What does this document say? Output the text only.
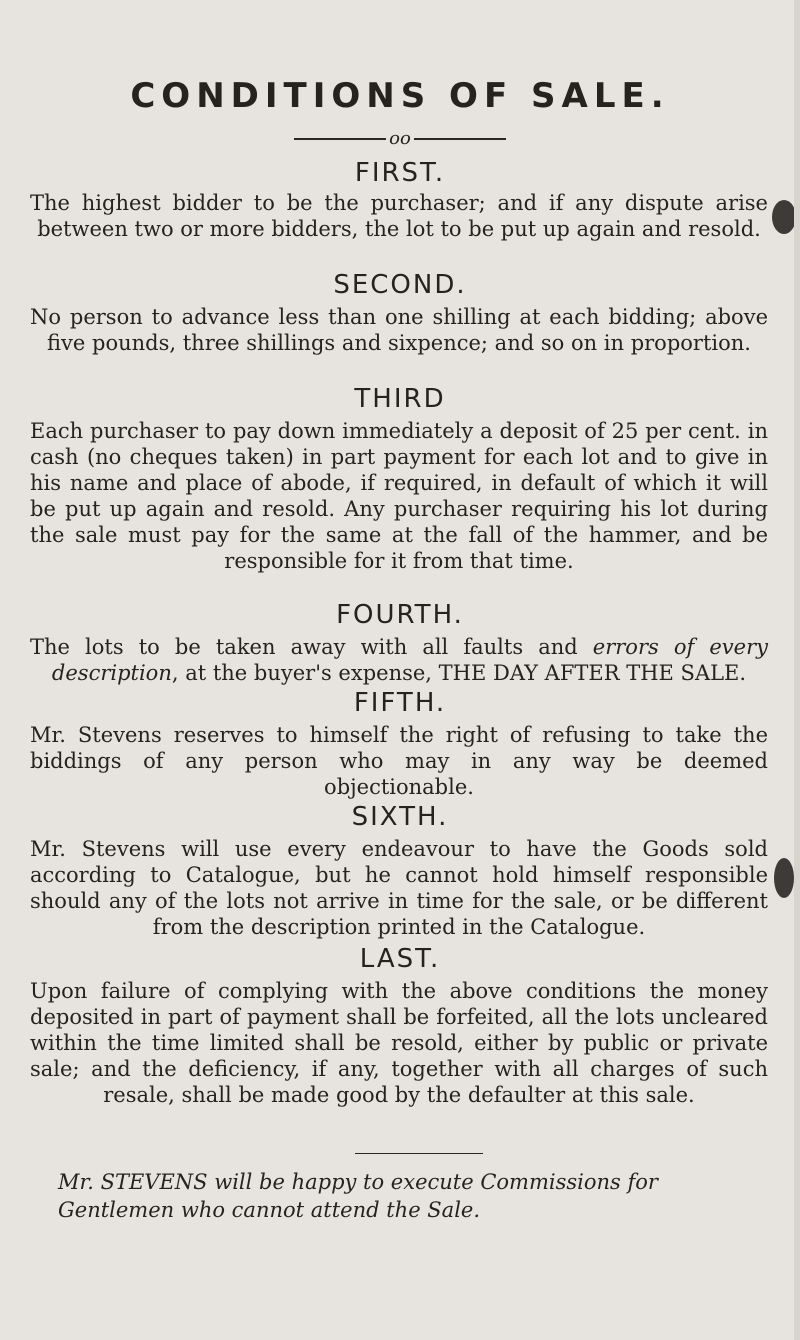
CONDITIONS OF SALE.
oo
FIRST.
The highest bidder to be the purchaser; and if any dispute arise between two or more bidders, the lot to be put up again and resold.
SECOND.
No person to advance less than one shilling at each bidding; above five pounds, three shillings and sixpence; and so on in proportion.
THIRD
Each purchaser to pay down immediately a deposit of 25 per cent. in cash (no cheques taken) in part payment for each lot and to give in his name and place of abode, if required, in default of which it will be put up again and resold. Any purchaser requiring his lot during the sale must pay for the same at the fall of the hammer, and be responsible for it from that time.
FOURTH.
The lots to be taken away with all faults and errors of every description, at the buyer's expense, THE DAY AFTER THE SALE.
FIFTH.
Mr. Stevens reserves to himself the right of refusing to take the biddings of any person who may in any way be deemed objectionable.
SIXTH.
Mr. Stevens will use every endeavour to have the Goods sold according to Catalogue, but he cannot hold himself responsible should any of the lots not arrive in time for the sale, or be different from the description printed in the Catalogue.
LAST.
Upon failure of complying with the above conditions the money deposited in part of payment shall be forfeited, all the lots uncleared within the time limited shall be resold, either by public or private sale; and the deficiency, if any, together with all charges of such resale, shall be made good by the defaulter at this sale.
Mr. STEVENS will be happy to execute Commissions for Gentlemen who cannot attend the Sale.
